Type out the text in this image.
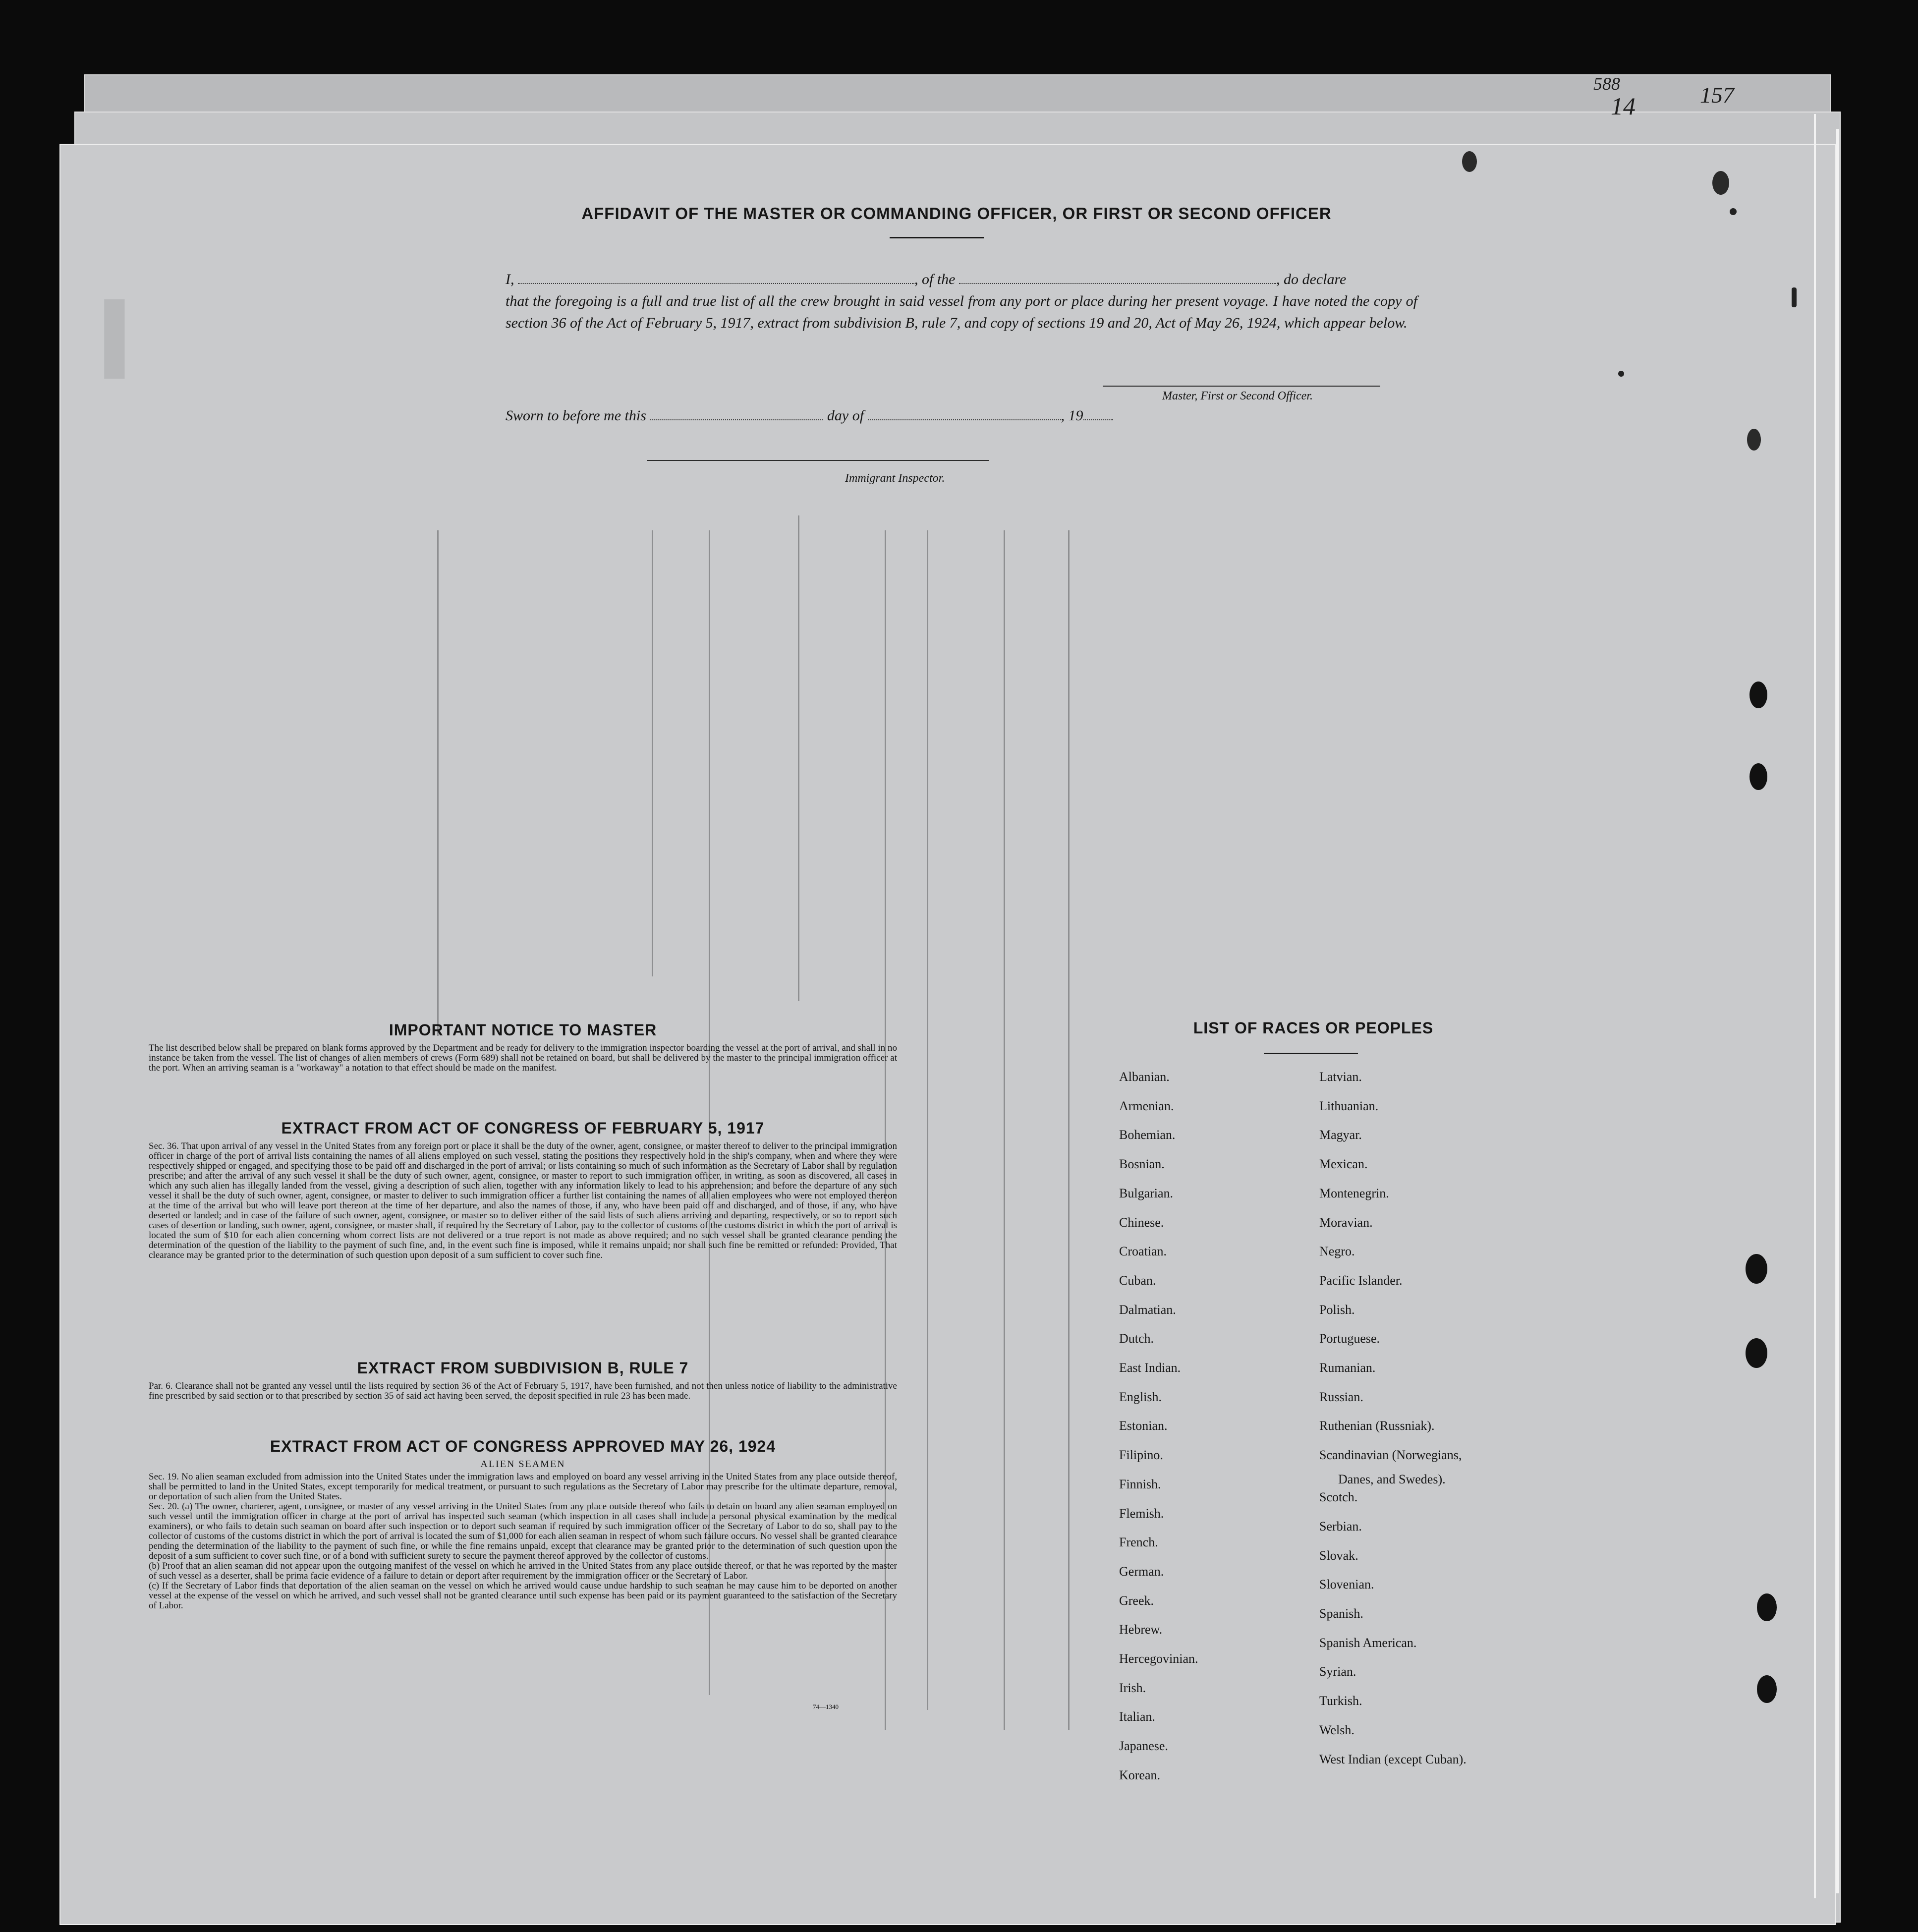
588
14	157
I
AFFIDAVIT OF THE MASTER OR COMMANDING OFFICER, OR FIRST OR SECOND OFFICER
I,	, of the	, do declare
that the foregoing is a full and true list of all the crew brought in said vessel from any port or place during her present voyage. I have noted the copy of section 36 of the Act of February 5, 1917, extract from subdivision B, rule 7, and copy of sections 19 and 20, Act of May 26, 1924, which appear below.
Master, First or Second Officer.
Sworn to before me this	day of	, 19
Immigrant Inspector.
IMPORTANT NOTICE TO MASTER

The list described below shall be prepared on blank forms approved by the Department and be ready for delivery to the immigration inspector boarding the vessel at the port of arrival, and shall in no instance be taken from the vessel. The list of changes of alien members of crews (Form 689) shall not be retained on board, but shall be delivered by the master to the principal immigration officer at the port. When an arriving seaman is a "workaway" a notation to that effect should be made on the manifest.

EXTRACT FROM ACT OF CONGRESS OF FEBRUARY 5, 1917

Sec. 36. That upon arrival of any vessel in the United States from any foreign port or place it shall be the duty of the owner, agent, consignee, or master thereof to deliver to the principal immigration officer in charge of the port of arrival lists containing the names of all aliens employed on such vessel, stating the positions they respectively hold in the ship's company, when and where they were respectively shipped or engaged, and specifying those to be paid off and discharged in the port of arrival; or lists containing so much of such information as the Secretary of Labor shall by regulation prescribe; and after the arrival of any such vessel it shall be the duty of such owner, agent, consignee, or master to report to such immigration officer, in writing, as soon as discovered, all cases in which any such alien has illegally landed from the vessel, giving a description of such alien, together with any information likely to lead to his apprehension; and before the departure of any such vessel it shall be the duty of such owner, agent, consignee, or master to deliver to such immigration officer a further list containing the names of all alien employees who were not employed thereon at the time of the arrival but who will leave port thereon at the time of her departure, and also the names of those, if any, who have been paid off and discharged, and of those, if any, who have deserted or landed; and in case of the failure of such owner, agent, consignee, or master so to deliver either of the said lists of such aliens arriving and departing, respectively, or so to report such cases of desertion or landing, such owner, agent, consignee, or master shall, if required by the Secretary of Labor, pay to the collector of customs of the customs district in which the port of arrival is located the sum of $10 for each alien concerning whom correct lists are not delivered or a true report is not made as above required; and no such vessel shall be granted clearance pending the determination of the question of the liability to the payment of such fine, and, in the event such fine is imposed, while it remains unpaid; nor shall such fine be remitted or refunded: Provided, That clearance may be granted prior to the determination of such question upon deposit of a sum sufficient to cover such fine.

EXTRACT FROM SUBDIVISION B, RULE 7

Par. 6. Clearance shall not be granted any vessel until the lists required by section 36 of the Act of February 5, 1917, have been furnished, and not then unless notice of liability to the administrative fine prescribed by said section or to that prescribed by section 35 of said act having been served, the deposit specified in rule 23 has been made.

EXTRACT FROM ACT OF CONGRESS APPROVED MAY 26, 1924
ALIEN SEAMEN

Sec. 19. No alien seaman excluded from admission into the United States under the immigration laws and employed on board any vessel arriving in the United States from any place outside thereof, shall be permitted to land in the United States, except temporarily for medical treatment, or pursuant to such regulations as the Secretary of Labor may prescribe for the ultimate departure, removal, or deportation of such alien from the United States.

Sec. 20. (a) The owner, charterer, agent, consignee, or master of any vessel arriving in the United States from any place outside thereof who fails to detain on board any alien seaman employed on such vessel until the immigration officer in charge at the port of arrival has inspected such seaman (which inspection in all cases shall include a personal physical examination by the medical examiners), or who fails to detain such seaman on board after such inspection or to deport such seaman if required by such immigration officer or the Secretary of Labor to do so, shall pay to the collector of customs of the customs district in which the port of arrival is located the sum of $1,000 for each alien seaman in respect of whom such failure occurs. No vessel shall be granted clearance pending the determination of the liability to the payment of such fine, or while the fine remains unpaid, except that clearance may be granted prior to the determination of such question upon the deposit of a sum sufficient to cover such fine, or of a bond with sufficient surety to secure the payment thereof approved by the collector of customs.

(b) Proof that an alien seaman did not appear upon the outgoing manifest of the vessel on which he arrived in the United States from any place outside thereof, or that he was reported by the master of such vessel as a deserter, shall be prima facie evidence of a failure to detain or deport after requirement by the immigration officer or the Secretary of Labor.

(c) If the Secretary of Labor finds that deportation of the alien seaman on the vessel on which he arrived would cause undue hardship to such seaman he may cause him to be deported on another vessel at the expense of the vessel on which he arrived, and such vessel shall not be granted clearance until such expense has been paid or its payment guaranteed to the satisfaction of the Secretary of Labor.

74—1340
LIST OF RACES OR PEOPLES
Danes, and Swedes).
Albanian.
Armenian.
Bohemian.
Bosnian.
Bulgarian.
Chinese.
Croatian.
Cuban.
Dalmatian.
Dutch.
East Indian.
English.
Estonian.
Filipino.
Finnish.
Flemish.
French.
German.
Greek.
Hebrew.
Hercegovinian.
Irish.
Italian.
Japanese.
Korean.
Latvian.
Lithuanian.
Magyar.
Mexican.
Montenegrin.
Moravian.
Negro.
Pacific Islander.
Polish.
Portuguese.
Rumanian.
Russian.
Ruthenian (Russniak).
Scandinavian (Norwegians,
Scotch.
Serbian.
Slovak.
Slovenian.
Spanish.
Spanish American.
Syrian.
Turkish.
Welsh.
West Indian (except Cuban).
